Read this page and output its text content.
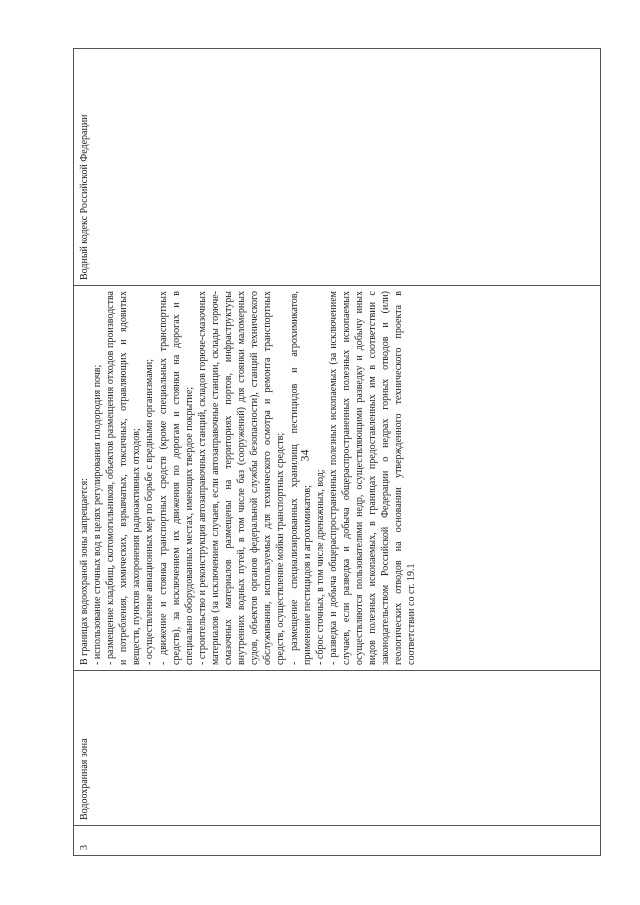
34
3
Водоохранная зона

В границах водоохраной зоны запрещается: - использование сточных вод в целях регулирования плодородия почв; - размещение кладбищ, скотомогильников, объектов размещения отходов производства и потребления, химических, взрывчатых, токсичных, отравляющих и ядовитых веществ, пунктов захоронения радиоактивных отходов; - осуществление авиационных мер по борьбе с вредными организмами; - движение и стоянка транспортных средств (кроме специальных транспортных средств), за исключением их движения по дорогам и стоянки на дорогах и в специально оборудованных местах, имеющих твердое покрытие; - строительство и реконструкция автозаправочных станций, складов горюче-смазочных материалов (за исключением случаев, если автозаправочные станции, склады горюче-смазочных материалов размещены на территориях портов, инфраструктуры внутренних водных путей, в том числе баз (сооружений) для стоянки маломерных судов, объектов органов федеральной службы безопасности), станций технического обслуживания, используемых для технического осмотра и ремонта транспортных средств, осуществление мойки транспортных средств; - размещение специализированных хранилищ пестицидов и агрохимикатов, применение пестицидов и агрохимикатов; - сброс сточных, в том числе дренажных, вод; - разведка и добыча общераспространенных полезных ископаемых (за исключением случаев, если разведка и добыча общераспространенных полезных ископаемых осуществляются пользователями недр, осуществляющими разведку и добычу иных видов полезных ископаемых, в границах предоставленных им в соответствии с законодательством Российской Федерации о недрах горных отводов и (или) геологических отводов на основании утвержденного технического проекта в соответствии со ст. 19.1

Водный кодекс Российской Федерации
